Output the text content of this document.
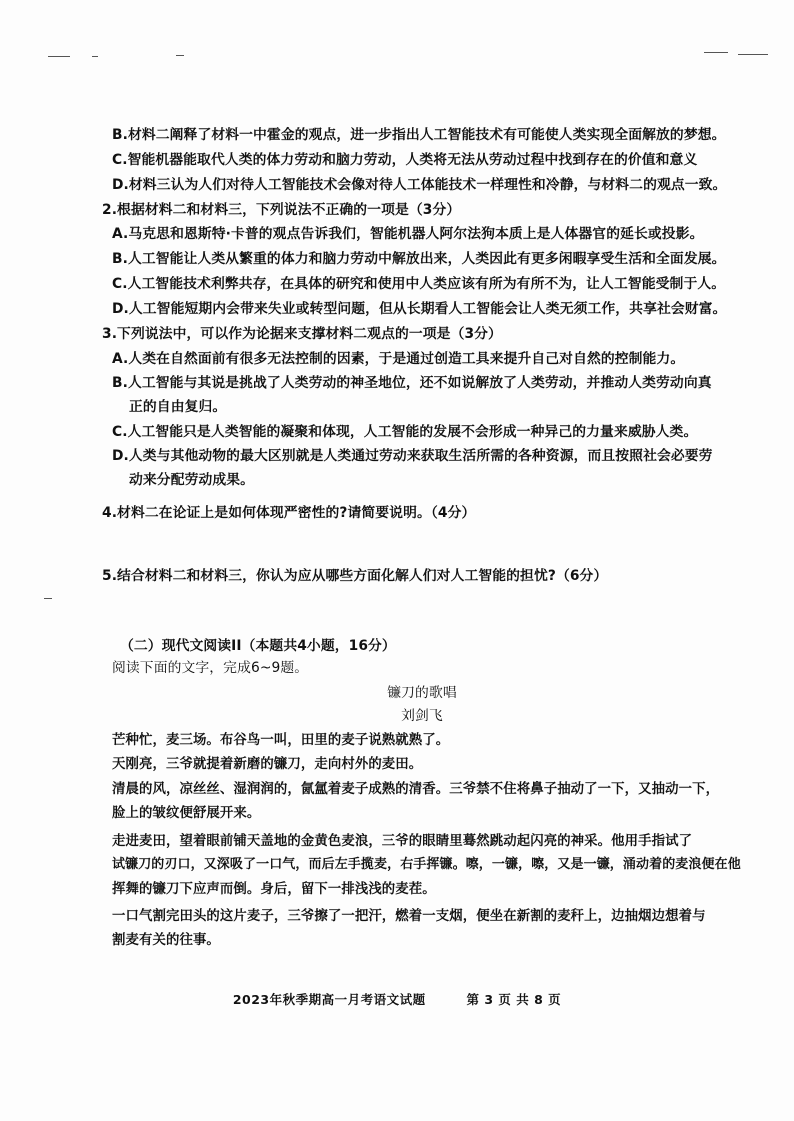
B.材料二阐释了材料一中霍金的观点，进一步指出人工智能技术有可能使人类实现全面解放的梦想。
C.智能机器能取代人类的体力劳动和脑力劳动，人类将无法从劳动过程中找到存在的价值和意义
D.材料三认为人们对待人工智能技术会像对待人工体能技术一样理性和冷静，与材料二的观点一致。
2.根据材料二和材料三，下列说法不正确的一项是（3分）
A.马克思和恩斯特·卡普的观点告诉我们，智能机器人阿尔法狗本质上是人体器官的延长或投影。
B.人工智能让人类从繁重的体力和脑力劳动中解放出来，人类因此有更多闲暇享受生活和全面发展。
C.人工智能技术利弊共存，在具体的研究和使用中人类应该有所为有所不为，让人工智能受制于人。
D.人工智能短期内会带来失业或转型问题，但从长期看人工智能会让人类无须工作，共享社会财富。
3.下列说法中，可以作为论据来支撑材料二观点的一项是（3分）
A.人类在自然面前有很多无法控制的因素，于是通过创造工具来提升自己对自然的控制能力。
B.人工智能与其说是挑战了人类劳动的神圣地位，还不如说解放了人类劳动，并推动人类劳动向真
正的自由复归。
C.人工智能只是人类智能的凝聚和体现，人工智能的发展不会形成一种异己的力量来威胁人类。
D.人类与其他动物的最大区别就是人类通过劳动来获取生活所需的各种资源，而且按照社会必要劳
动来分配劳动成果。
4.材料二在论证上是如何体现严密性的?请简要说明。（4分）
5.结合材料二和材料三，你认为应从哪些方面化解人们对人工智能的担忧?（6分）
（二）现代文阅读II（本题共4小题，16分）
阅读下面的文字，完成6~9题。
镰刀的歌唱
刘剑飞
芒种忙，麦三场。布谷鸟一叫，田里的麦子说熟就熟了。
天刚亮，三爷就提着新磨的镰刀，走向村外的麦田。
清晨的风，凉丝丝、湿润润的，氤氲着麦子成熟的清香。三爷禁不住将鼻子抽动了一下，又抽动一下，
脸上的皱纹便舒展开来。
走进麦田，望着眼前铺天盖地的金黄色麦浪，三爷的眼睛里蓦然跳动起闪亮的神采。他用手指试了
试镰刀的刃口，又深吸了一口气，而后左手揽麦，右手挥镰。嚓，一镰，嚓，又是一镰，涌动着的麦浪便在他
挥舞的镰刀下应声而倒。身后，留下一排浅浅的麦茬。
一口气割完田头的这片麦子，三爷擦了一把汗，燃着一支烟，便坐在新割的麦秆上，边抽烟边想着与
割麦有关的往事。
2023年秋季期高一月考语文试题	第 3 页 共 8 页
